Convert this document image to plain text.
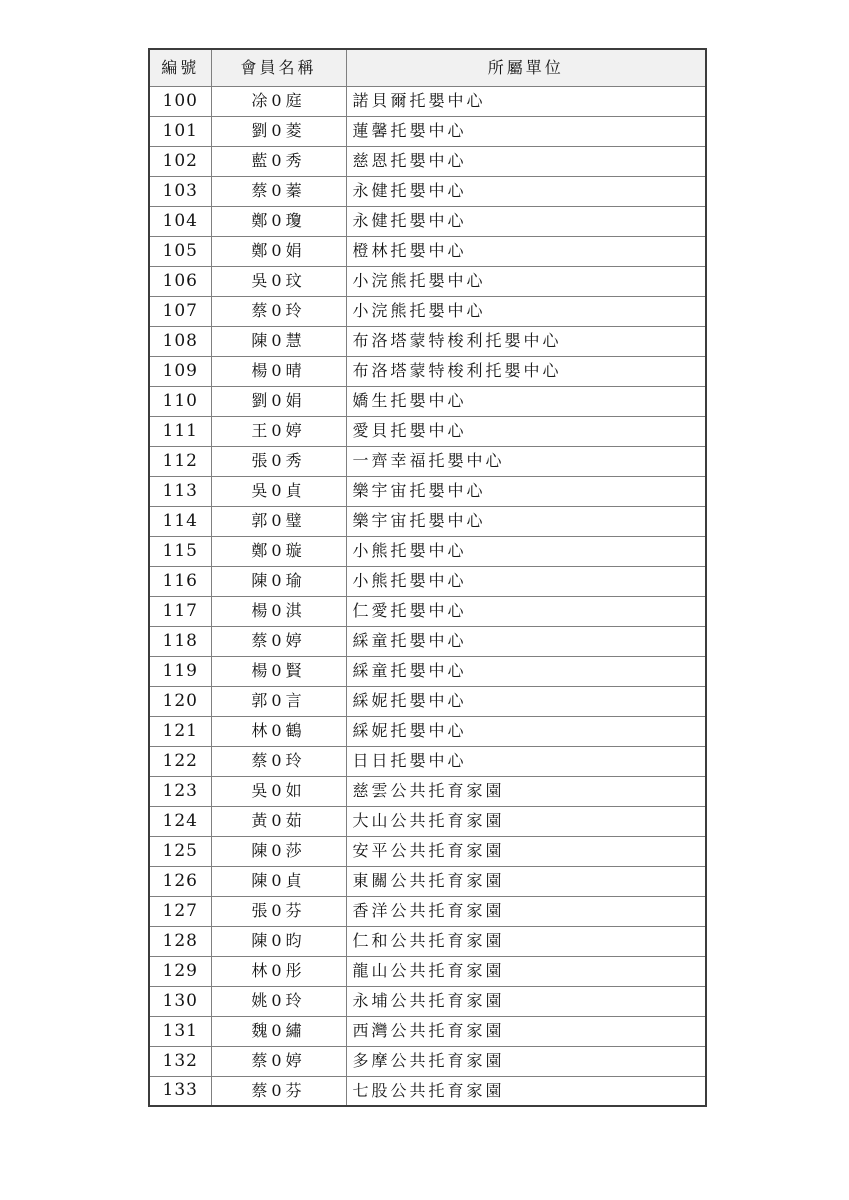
編號	會員名稱	所屬單位
100	凃0庭	諾貝爾托嬰中心
101	劉0菱	蓮馨托嬰中心
102	藍0秀	慈恩托嬰中心
103	蔡0蓁	永健托嬰中心
104	鄭0瓊	永健托嬰中心
105	鄭0娟	橙林托嬰中心
106	吳0玟	小浣熊托嬰中心
107	蔡0玲	小浣熊托嬰中心
108	陳0慧	布洛塔蒙特梭利托嬰中心
109	楊0晴	布洛塔蒙特梭利托嬰中心
110	劉0娟	嬌生托嬰中心
111	王0婷	愛貝托嬰中心
112	張0秀	一齊幸福托嬰中心
113	吳0貞	樂宇宙托嬰中心
114	郭0璧	樂宇宙托嬰中心
115	鄭0璇	小熊托嬰中心
116	陳0瑜	小熊托嬰中心
117	楊0淇	仁愛托嬰中心
118	蔡0婷	綵童托嬰中心
119	楊0賢	綵童托嬰中心
120	郭0言	綵妮托嬰中心
121	林0鶴	綵妮托嬰中心
122	蔡0玲	日日托嬰中心
123	吳0如	慈雲公共托育家園
124	黃0茹	大山公共托育家園
125	陳0莎	安平公共托育家園
126	陳0貞	東關公共托育家園
127	張0芬	香洋公共托育家園
128	陳0昀	仁和公共托育家園
129	林0彤	龍山公共托育家園
130	姚0玲	永埔公共托育家園
131	魏0繡	西灣公共托育家園
132	蔡0婷	多摩公共托育家園
133	蔡0芬	七股公共托育家園
